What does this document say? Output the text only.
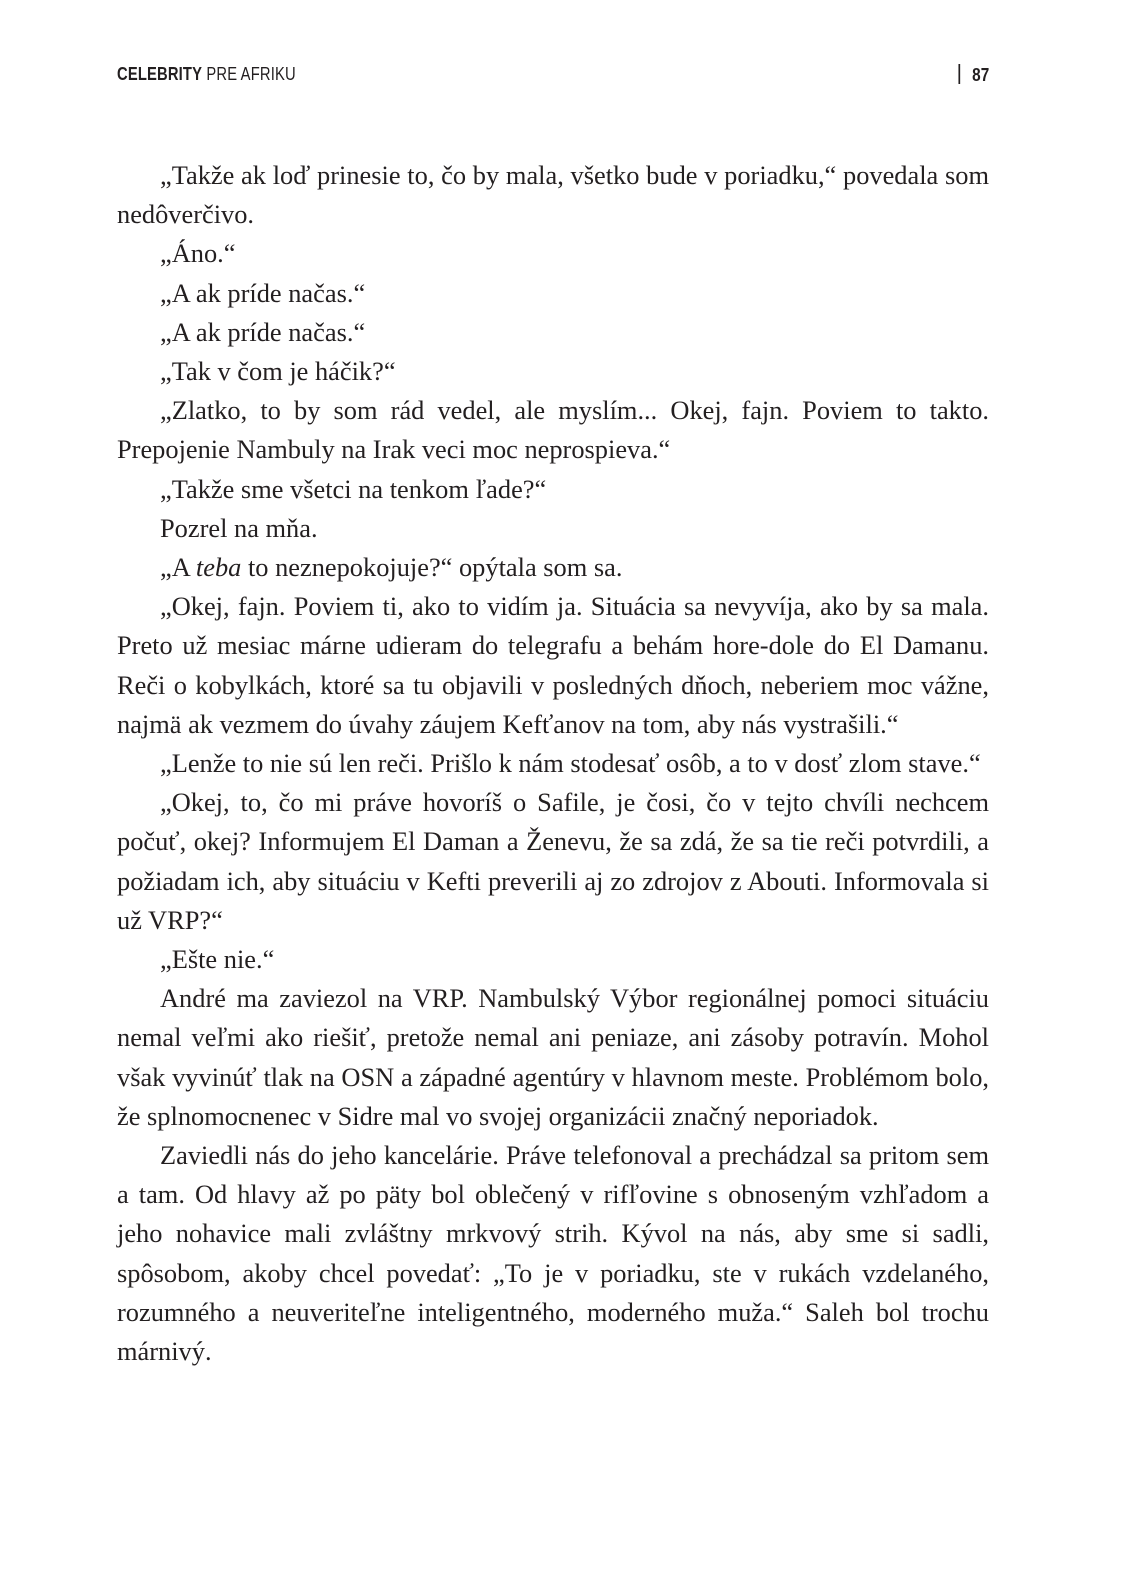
CELEBRITY PRE AFRIKU	87

„Takže ak loď prinesie to, čo by mala, všetko bude v poriadku,“ povedala som nedôverčivo.

„Áno.“

„A ak príde načas.“

„A ak príde načas.“

„Tak v čom je háčik?“

„Zlatko, to by som rád vedel, ale myslím... Okej, fajn. Poviem to takto. Prepojenie Nambuly na Irak veci moc neprospieva.“

„Takže sme všetci na tenkom ľade?“

Pozrel na mňa.

„A teba to neznepokojuje?“ opýtala som sa.

„Okej, fajn. Poviem ti, ako to vidím ja. Situácia sa nevyvíja, ako by sa mala. Preto už mesiac márne udieram do telegrafu a behám hore-dole do El Damanu. Reči o kobylkách, ktoré sa tu objavili v posledných dňoch, neberiem moc vážne, najmä ak vezmem do úvahy záujem Kefťanov na tom, aby nás vystrašili.“

„Lenže to nie sú len reči. Prišlo k nám stodesať osôb, a to v dosť zlom stave.“

„Okej, to, čo mi práve hovoríš o Safile, je čosi, čo v tejto chvíli nechcem počuť, okej? Informujem El Daman a Ženevu, že sa zdá, že sa tie reči potvrdili, a požiadam ich, aby situáciu v Kefti preverili aj zo zdrojov z Abouti. Informovala si už VRP?“

„Ešte nie.“

André ma zaviezol na VRP. Nambulský Výbor regionálnej pomoci situáciu nemal veľmi ako riešiť, pretože nemal ani peniaze, ani zásoby potravín. Mohol však vyvinúť tlak na OSN a západné agentúry v hlavnom meste. Problémom bolo, že splnomocnenec v Sidre mal vo svojej organizácii značný neporiadok.

Zaviedli nás do jeho kancelárie. Práve telefonoval a prechádzal sa pritom sem a tam. Od hlavy až po päty bol oblečený v rifľovine s obnoseným vzhľadom a jeho nohavice mali zvláštny mrkvový strih. Kývol na nás, aby sme si sadli, spôsobom, akoby chcel povedať: „To je v poriadku, ste v rukách vzdelaného, rozumného a neuveriteľne inteligentného, moderného muža.“ Saleh bol trochu márnivý.
